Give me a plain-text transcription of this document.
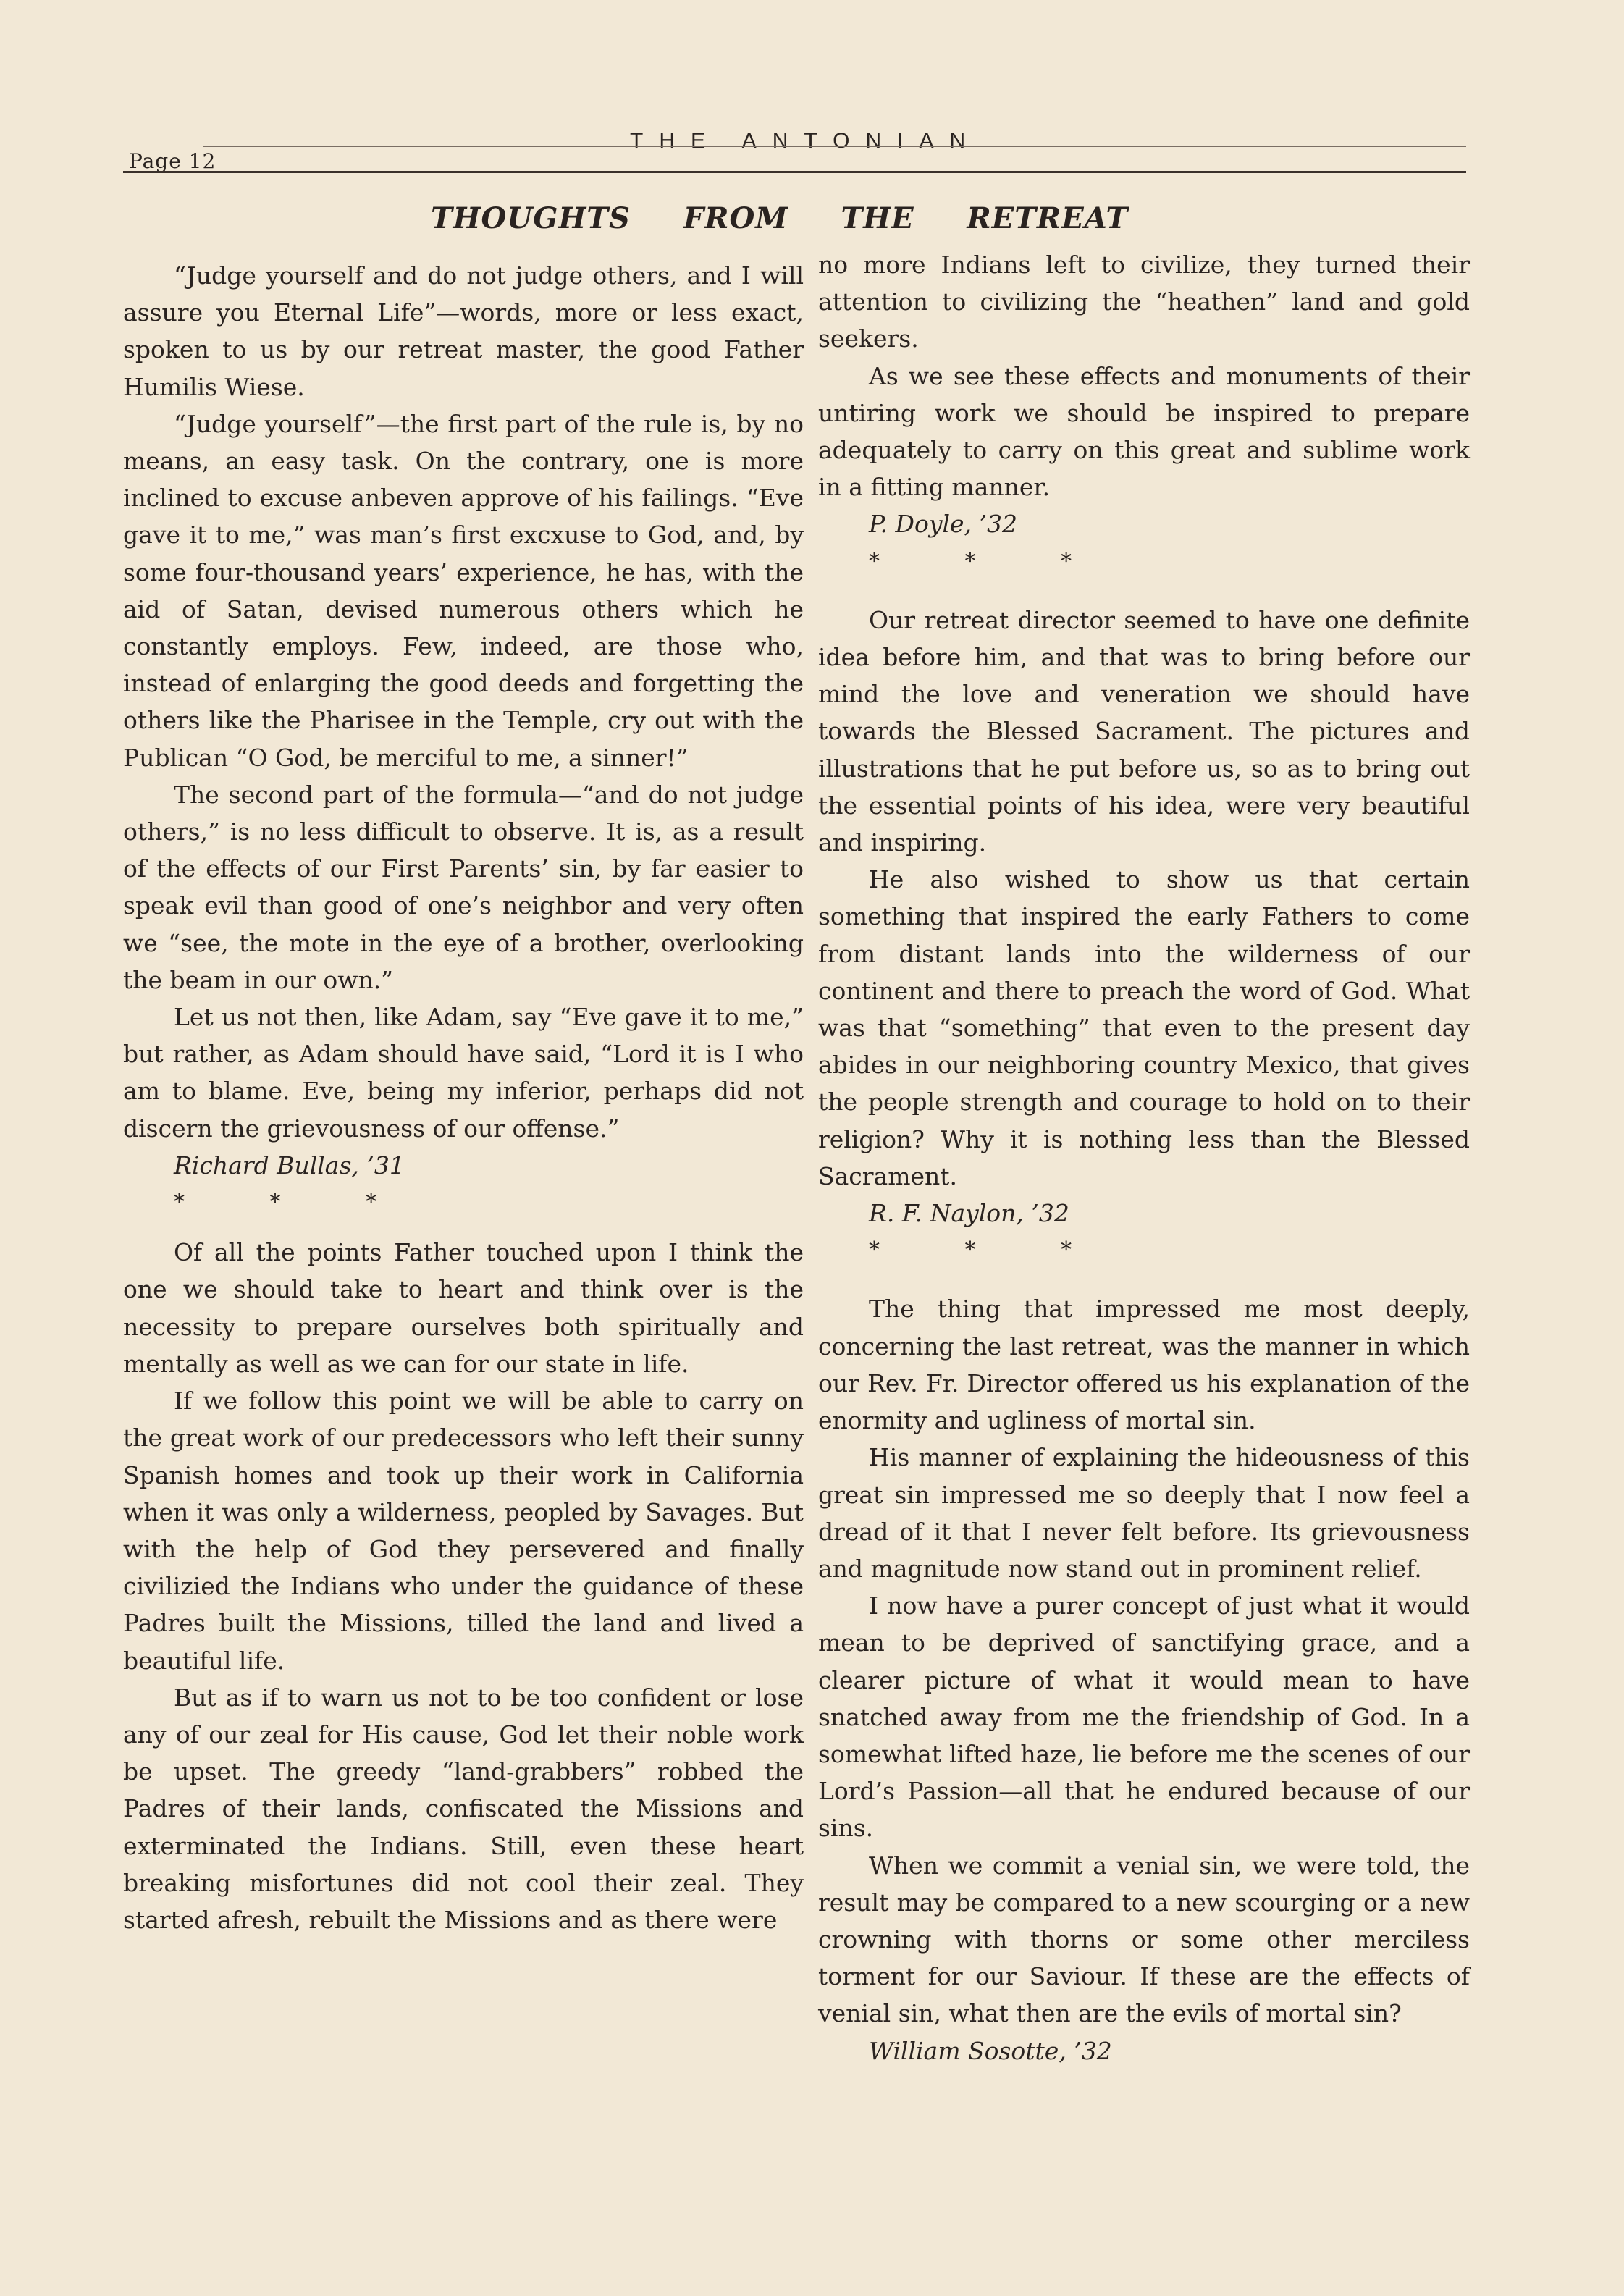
Page 12
THE ANTONIAN
THOUGHTS FROM THE RETREAT

“Judge yourself and do not judge others, and I will assure you Eternal Life”—words, more or less exact, spoken to us by our retreat master, the good Father Humilis Wiese.

“Judge yourself”—the first part of the rule is, by no means, an easy task. On the contrary, one is more inclined to excuse anbeven approve of his failings. “Eve gave it to me,” was man’s first excxuse to God, and, by some four-thousand years’ experience, he has, with the aid of Satan, devised numerous others which he constantly employs. Few, indeed, are those who, instead of enlarging the good deeds and forgetting the others like the Pharisee in the Temple, cry out with the Publican “O God, be merciful to me, a sinner!”

The second part of the formula—“and do not judge others,” is no less difficult to observe. It is, as a result of the effects of our First Parents’ sin, by far easier to speak evil than good of one’s neighbor and very often we “see, the mote in the eye of a brother, overlooking the beam in our own.”

Let us not then, like Adam, say “Eve gave it to me,” but rather, as Adam should have said, “Lord it is I who am to blame. Eve, being my inferior, perhaps did not discern the grievousness of our offense.”

Richard Bullas, ’31

* * *

Of all the points Father touched upon I think the one we should take to heart and think over is the necessity to prepare ourselves both spiritually and mentally as well as we can for our state in life.

If we follow this point we will be able to carry on the great work of our predecessors who left their sunny Spanish homes and took up their work in California when it was only a wilderness, peopled by Savages. But with the help of God they persevered and finally civilizied the Indians who under the guidance of these Padres built the Missions, tilled the land and lived a beautiful life.

But as if to warn us not to be too confident or lose any of our zeal for His cause, God let their noble work be upset. The greedy “land-grabbers” robbed the Padres of their lands, confiscated the Missions and exterminated the Indians. Still, even these heart breaking misfortunes did not cool their zeal. They started afresh, rebuilt the Missions and as there were

no more Indians left to civilize, they turned their attention to civilizing the “heathen” land and gold seekers.

As we see these effects and monuments of their untiring work we should be inspired to prepare adequately to carry on this great and sublime work in a fitting manner.

P. Doyle, ’32

* * *

Our retreat director seemed to have one definite idea before him, and that was to bring before our mind the love and veneration we should have towards the Blessed Sacrament. The pictures and illustrations that he put before us, so as to bring out the essential points of his idea, were very beautiful and inspiring.

He also wished to show us that certain something that inspired the early Fathers to come from distant lands into the wilderness of our continent and there to preach the word of God. What was that “something” that even to the present day abides in our neighboring country Mexico, that gives the people strength and courage to hold on to their religion? Why it is nothing less than the Blessed Sacrament.

R. F. Naylon, ’32

* * *

The thing that impressed me most deeply, concerning the last retreat, was the manner in which our Rev. Fr. Director offered us his explanation of the enormity and ugliness of mortal sin.

His manner of explaining the hideousness of this great sin impressed me so deeply that I now feel a dread of it that I never felt before. Its grievousness and magnitude now stand out in prominent relief.

I now have a purer concept of just what it would mean to be deprived of sanctifying grace, and a clearer picture of what it would mean to have snatched away from me the friendship of God. In a somewhat lifted haze, lie before me the scenes of our Lord’s Passion—all that he endured because of our sins.

When we commit a venial sin, we were told, the result may be compared to a new scourging or a new crowning with thorns or some other merciless torment for our Saviour. If these are the effects of venial sin, what then are the evils of mortal sin?

William Sosotte, ’32
